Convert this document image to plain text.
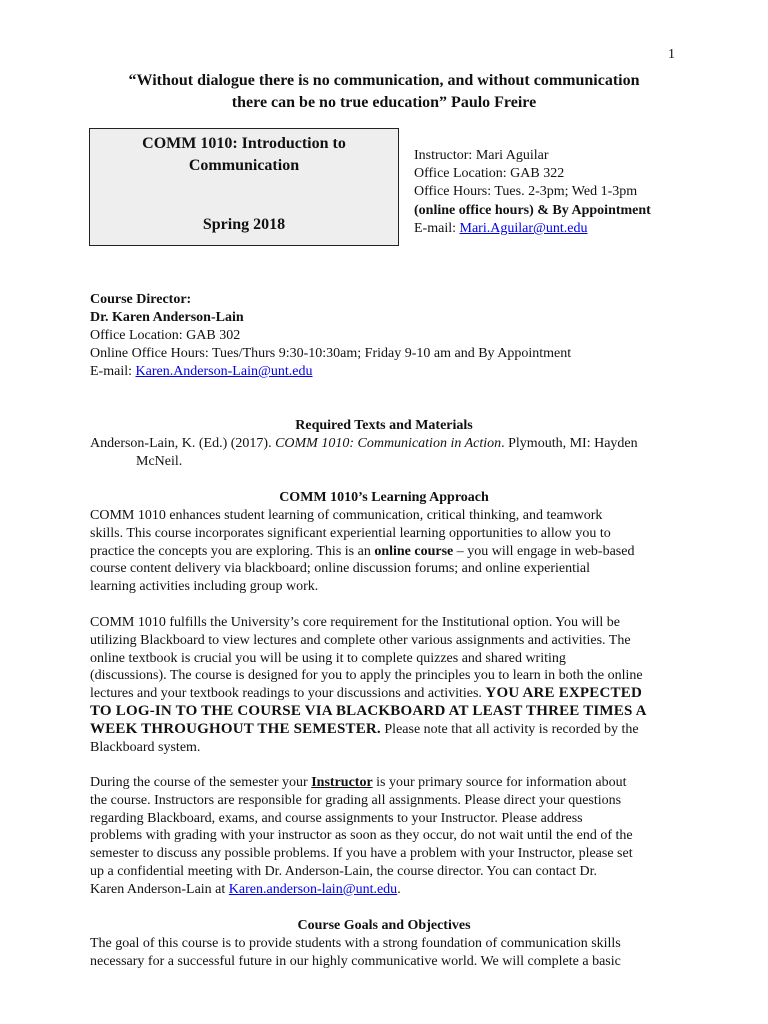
1
“Without dialogue there is no communication, and without communication
there can be no true education” Paulo Freire
COMM 1010: Introduction to
Communication
Spring 2018
Instructor: Mari Aguilar
Office Location: GAB 322
Office Hours: Tues. 2-3pm; Wed 1-3pm
(online office hours) & By Appointment
E-mail: Mari.Aguilar@unt.edu
Course Director:
Dr. Karen Anderson-Lain
Office Location: GAB 302
Online Office Hours: Tues/Thurs 9:30-10:30am; Friday 9-10 am and By Appointment
E-mail: Karen.Anderson-Lain@unt.edu
Required Texts and Materials
Anderson-Lain, K. (Ed.) (2017). COMM 1010: Communication in Action. Plymouth, MI: Hayden
McNeil.
COMM 1010’s Learning Approach
COMM 1010 enhances student learning of communication, critical thinking, and teamwork
skills. This course incorporates significant experiential learning opportunities to allow you to
practice the concepts you are exploring. This is an online course – you will engage in web-based
course content delivery via blackboard; online discussion forums; and online experiential
learning activities including group work.
COMM 1010 fulfills the University’s core requirement for the Institutional option. You will be
utilizing Blackboard to view lectures and complete other various assignments and activities. The
online textbook is crucial you will be using it to complete quizzes and shared writing
(discussions). The course is designed for you to apply the principles you to learn in both the online
lectures and your textbook readings to your discussions and activities. YOU ARE EXPECTED
TO LOG-IN TO THE COURSE VIA BLACKBOARD AT LEAST THREE TIMES A
WEEK THROUGHOUT THE SEMESTER. Please note that all activity is recorded by the
Blackboard system.
During the course of the semester your Instructor is your primary source for information about
the course. Instructors are responsible for grading all assignments. Please direct your questions
regarding Blackboard, exams, and course assignments to your Instructor. Please address
problems with grading with your instructor as soon as they occur, do not wait until the end of the
semester to discuss any possible problems. If you have a problem with your Instructor, please set
up a confidential meeting with Dr. Anderson-Lain, the course director. You can contact Dr.
Karen Anderson-Lain at Karen.anderson-lain@unt.edu.
Course Goals and Objectives
The goal of this course is to provide students with a strong foundation of communication skills
necessary for a successful future in our highly communicative world. We will complete a basic
